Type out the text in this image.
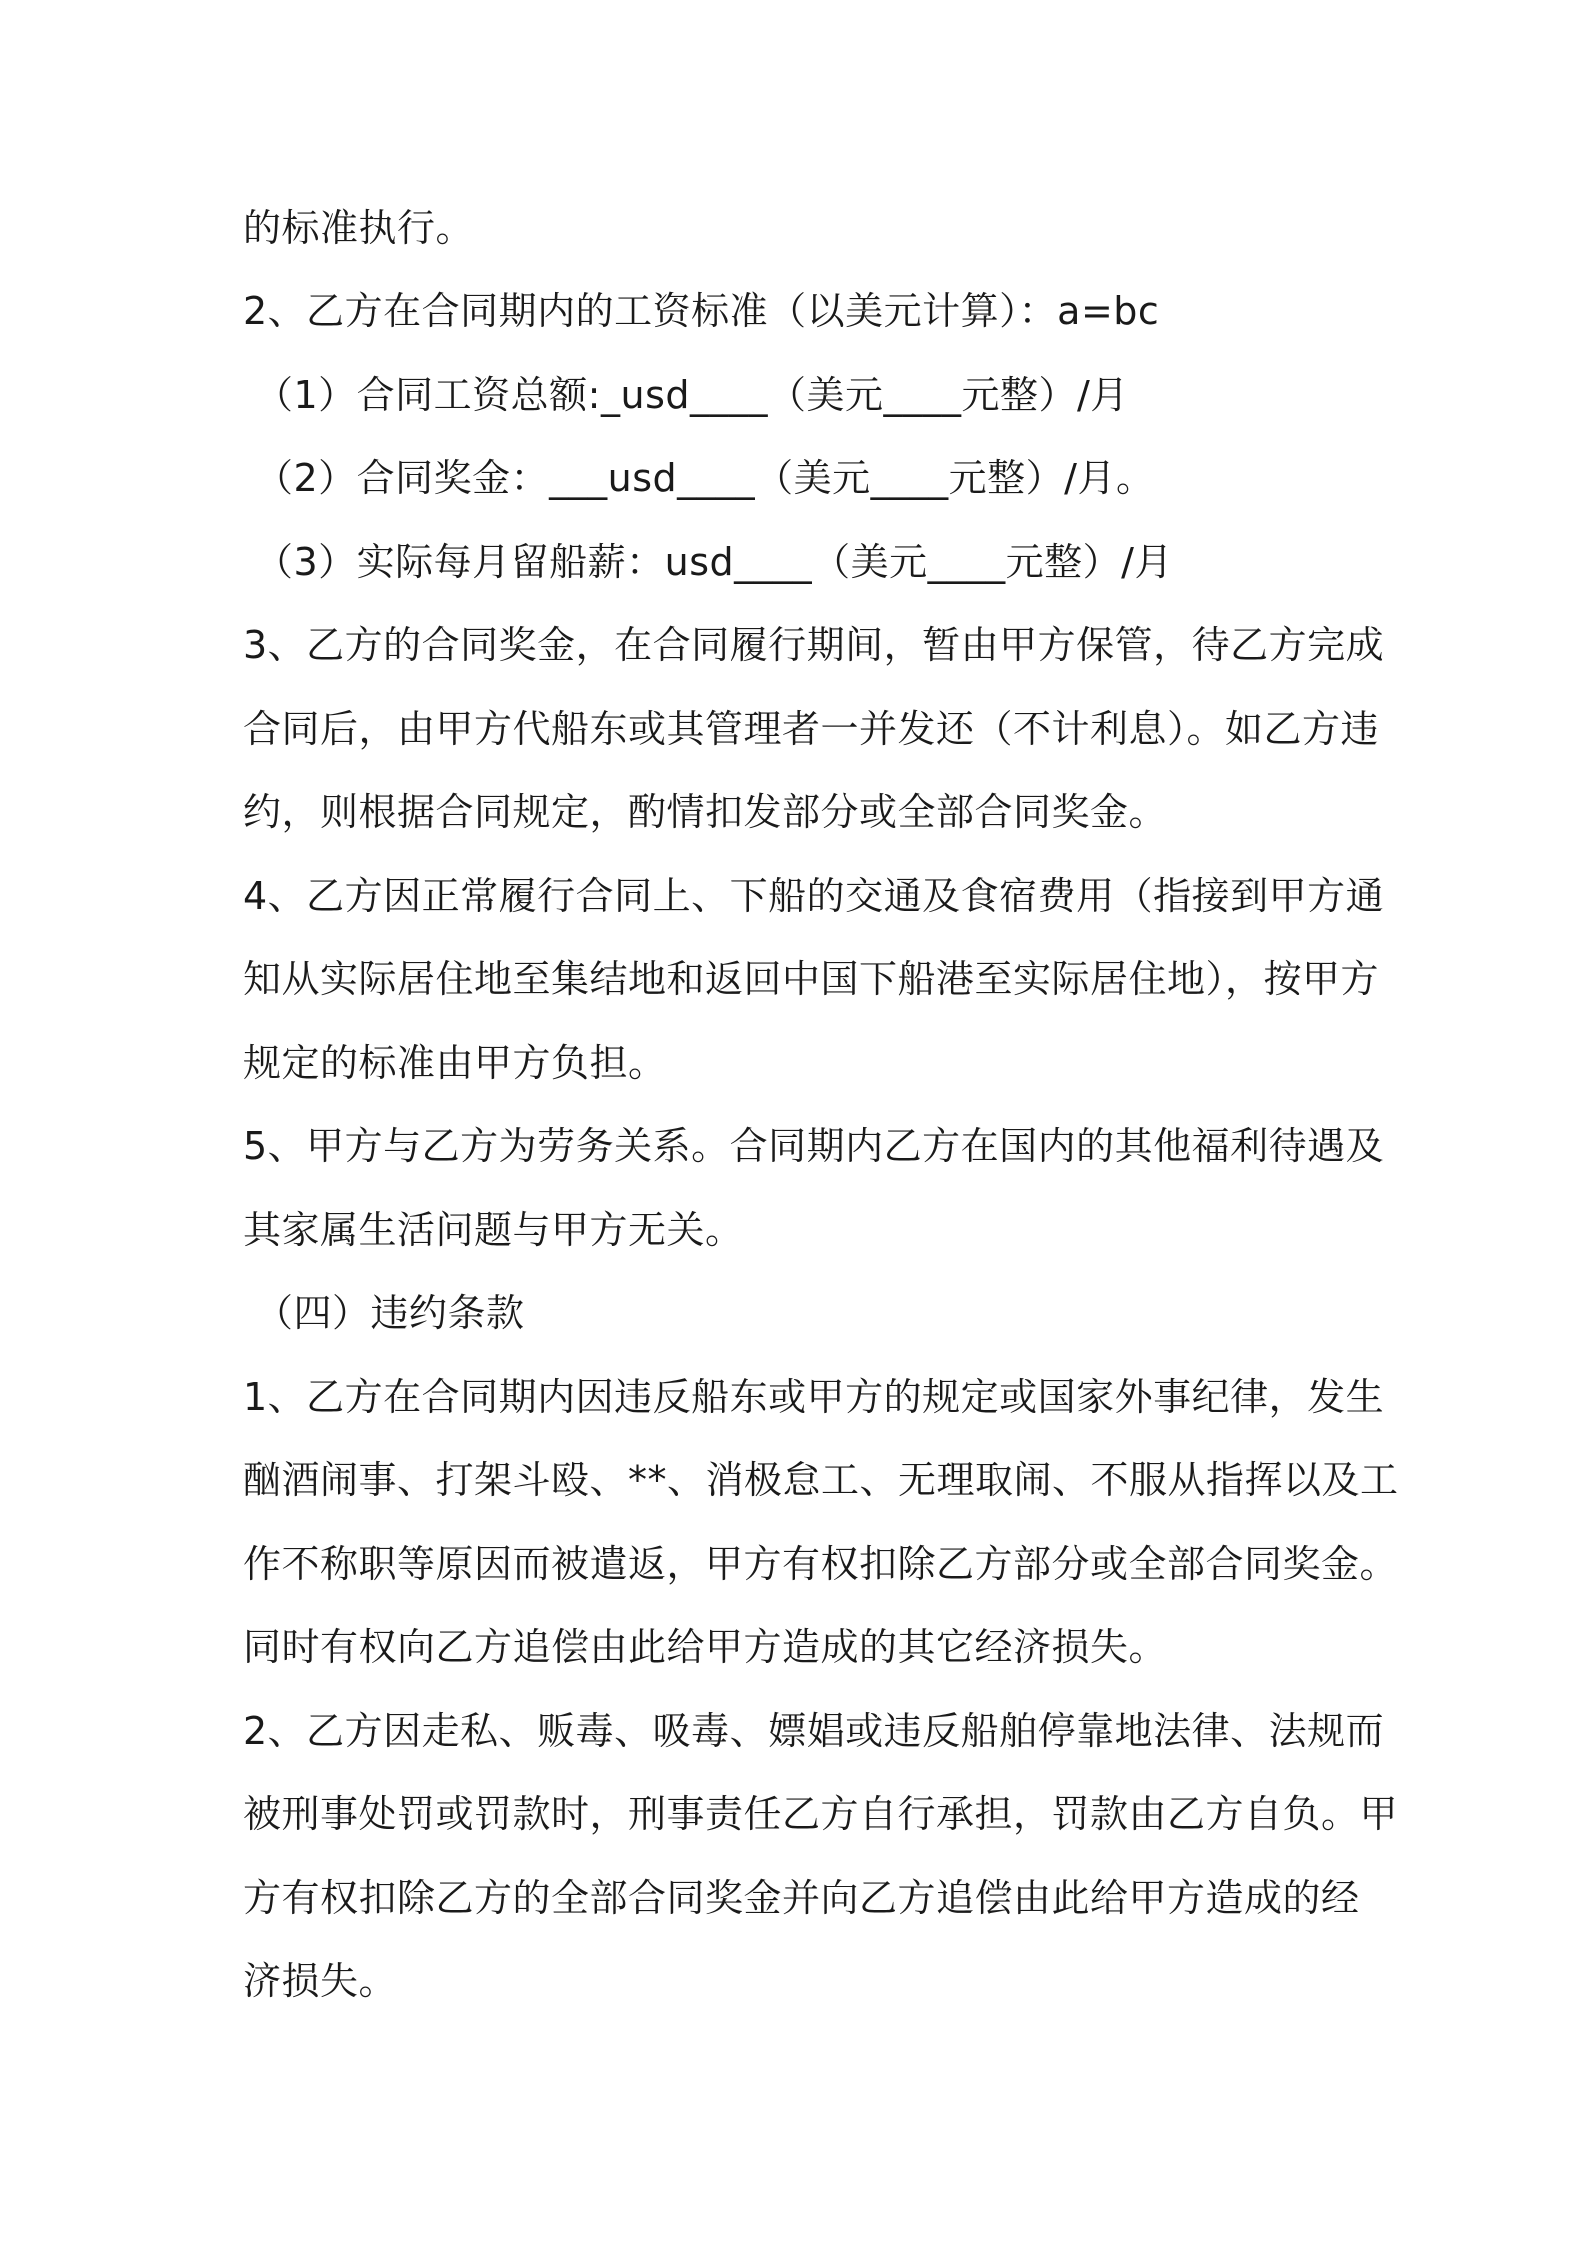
的标准执行。
2、乙方在合同期内的工资标准（以美元计算）：a=bc
（1）合同工资总额:_usd____（美元____元整）/月
（2）合同奖金：___usd____（美元____元整）/月。
（3）实际每月留船薪：usd____（美元____元整）/月
3、乙方的合同奖金，在合同履行期间，暂由甲方保管，待乙方完成
合同后，由甲方代船东或其管理者一并发还（不计利息）。如乙方违
约，则根据合同规定，酌情扣发部分或全部合同奖金。
4、乙方因正常履行合同上、下船的交通及食宿费用（指接到甲方通
知从实际居住地至集结地和返回中国下船港至实际居住地），按甲方
规定的标准由甲方负担。
5、甲方与乙方为劳务关系。合同期内乙方在国内的其他福利待遇及
其家属生活问题与甲方无关。
（四）违约条款
1、乙方在合同期内因违反船东或甲方的规定或国家外事纪律，发生
酗酒闹事、打架斗殴、**、消极怠工、无理取闹、不服从指挥以及工
作不称职等原因而被遣返，甲方有权扣除乙方部分或全部合同奖金。
同时有权向乙方追偿由此给甲方造成的其它经济损失。
2、乙方因走私、贩毒、吸毒、嫖娼或违反船舶停靠地法律、法规而
被刑事处罚或罚款时，刑事责任乙方自行承担，罚款由乙方自负。甲
方有权扣除乙方的全部合同奖金并向乙方追偿由此给甲方造成的经
济损失。
